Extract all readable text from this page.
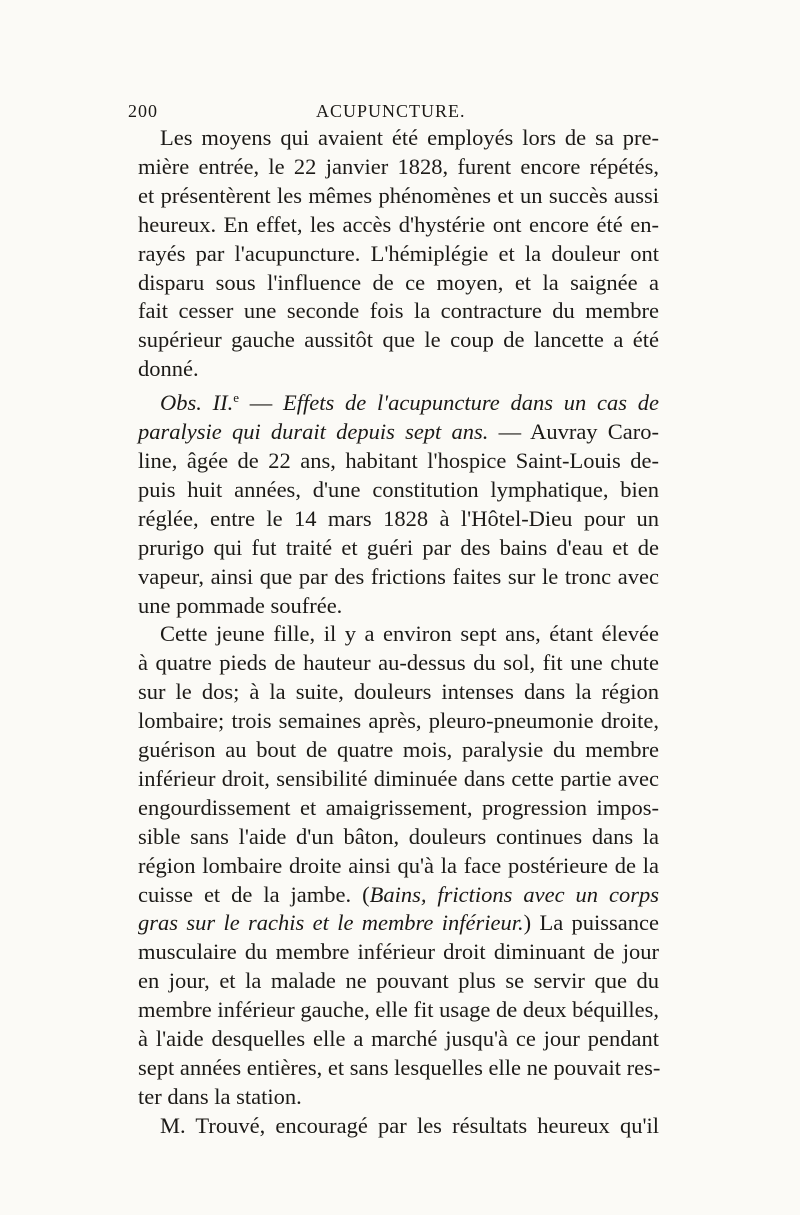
200	ACUPUNCTURE.
Les moyens qui avaient été employés lors de sa pre-
mière entrée, le 22 janvier 1828, furent encore répétés,
et présentèrent les mêmes phénomènes et un succès aussi
heureux. En effet, les accès d'hystérie ont encore été en-
rayés par l'acupuncture. L'hémiplégie et la douleur ont
disparu sous l'influence de ce moyen, et la saignée a
fait cesser une seconde fois la contracture du membre
supérieur gauche aussitôt que le coup de lancette a été
donné.
Obs. II.$^e$ — Effets de l'acupuncture dans un cas de
paralysie qui durait depuis sept ans. — Auvray Caro-
line, âgée de 22 ans, habitant l'hospice Saint-Louis de-
puis huit années, d'une constitution lymphatique, bien
réglée, entre le 14 mars 1828 à l'Hôtel-Dieu pour un
prurigo qui fut traité et guéri par des bains d'eau et de
vapeur, ainsi que par des frictions faites sur le tronc avec
une pommade soufrée.
Cette jeune fille, il y a environ sept ans, étant élevée
à quatre pieds de hauteur au-dessus du sol, fit une chute
sur le dos; à la suite, douleurs intenses dans la région
lombaire; trois semaines après, pleuro-pneumonie droite,
guérison au bout de quatre mois, paralysie du membre
inférieur droit, sensibilité diminuée dans cette partie avec
engourdissement et amaigrissement, progression impos-
sible sans l'aide d'un bâton, douleurs continues dans la
région lombaire droite ainsi qu'à la face postérieure de la
cuisse et de la jambe. (Bains, frictions avec un corps
gras sur le rachis et le membre inférieur.) La puissance
musculaire du membre inférieur droit diminuant de jour
en jour, et la malade ne pouvant plus se servir que du
membre inférieur gauche, elle fit usage de deux béquilles,
à l'aide desquelles elle a marché jusqu'à ce jour pendant
sept années entières, et sans lesquelles elle ne pouvait res-
ter dans la station.
M. Trouvé, encouragé par les résultats heureux qu'il
